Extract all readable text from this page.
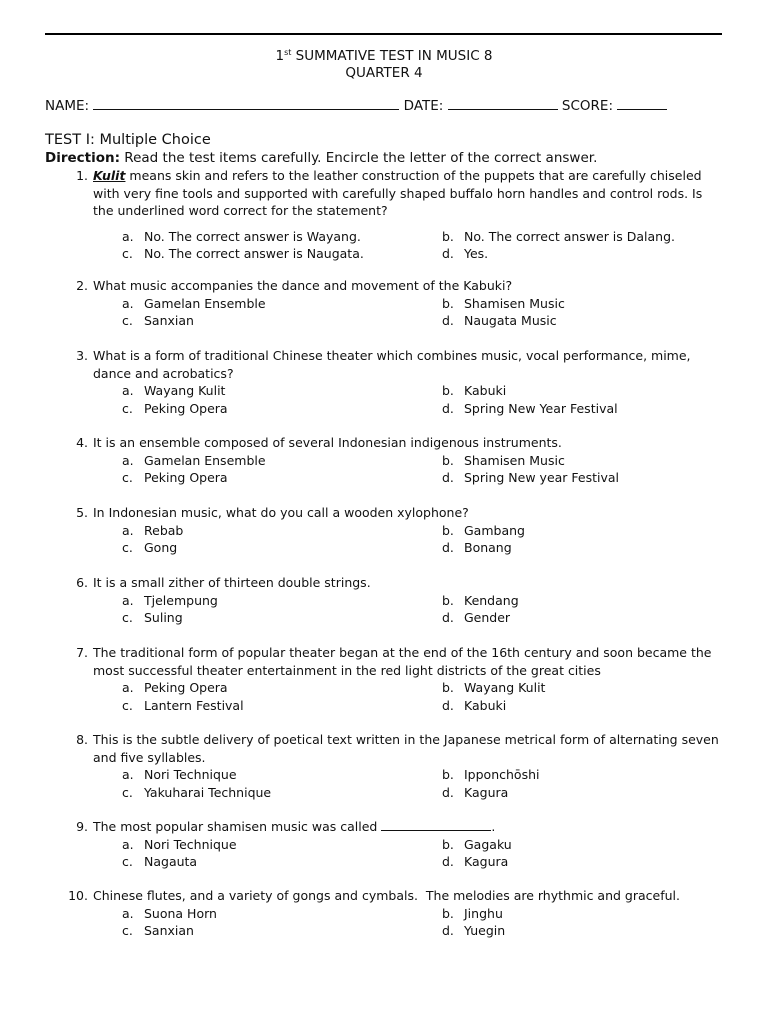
1st SUMMATIVE TEST IN MUSIC 8
QUARTER 4
NAME:	DATE:	SCORE:
TEST I: Multiple Choice
Direction: Read the test items carefully. Encircle the letter of the correct answer.
1. Kulit means skin and refers to the leather construction of the puppets that are carefully chiseled with very fine tools and supported with carefully shaped buffalo horn handles and control rods. Is the underlined word correct for the statement?
a. No. The correct answer is Wayang.	b. No. The correct answer is Dalang.
c. No. The correct answer is Naugata.	d. Yes.
2. What music accompanies the dance and movement of the Kabuki?
a. Gamelan Ensemble	b. Shamisen Music
c. Sanxian	d. Naugata Music
3. What is a form of traditional Chinese theater which combines music, vocal performance, mime, dance and acrobatics?
a. Wayang Kulit	b. Kabuki
c. Peking Opera	d. Spring New Year Festival
4. It is an ensemble composed of several Indonesian indigenous instruments.
a. Gamelan Ensemble	b. Shamisen Music
c. Peking Opera	d. Spring New year Festival
5. In Indonesian music, what do you call a wooden xylophone?
a. Rebab	b. Gambang
c. Gong	d. Bonang
6. It is a small zither of thirteen double strings.
a. Tjelempung	b. Kendang
c. Suling	d. Gender
7. The traditional form of popular theater began at the end of the 16th century and soon became the most successful theater entertainment in the red light districts of the great cities
a. Peking Opera	b. Wayang Kulit
c. Lantern Festival	d. Kabuki
8. This is the subtle delivery of poetical text written in the Japanese metrical form of alternating seven and five syllables.
a. Nori Technique	b. Ipponchōshi
c. Yakuharai Technique	d. Kagura
9. The most popular shamisen music was called	.
a. Nori Technique	b. Gagaku
c. Nagauta	d. Kagura
10. Chinese flutes, and a variety of gongs and cymbals.  The melodies are rhythmic and graceful.
a. Suona Horn	b. Jinghu
c. Sanxian	d. Yuegin
